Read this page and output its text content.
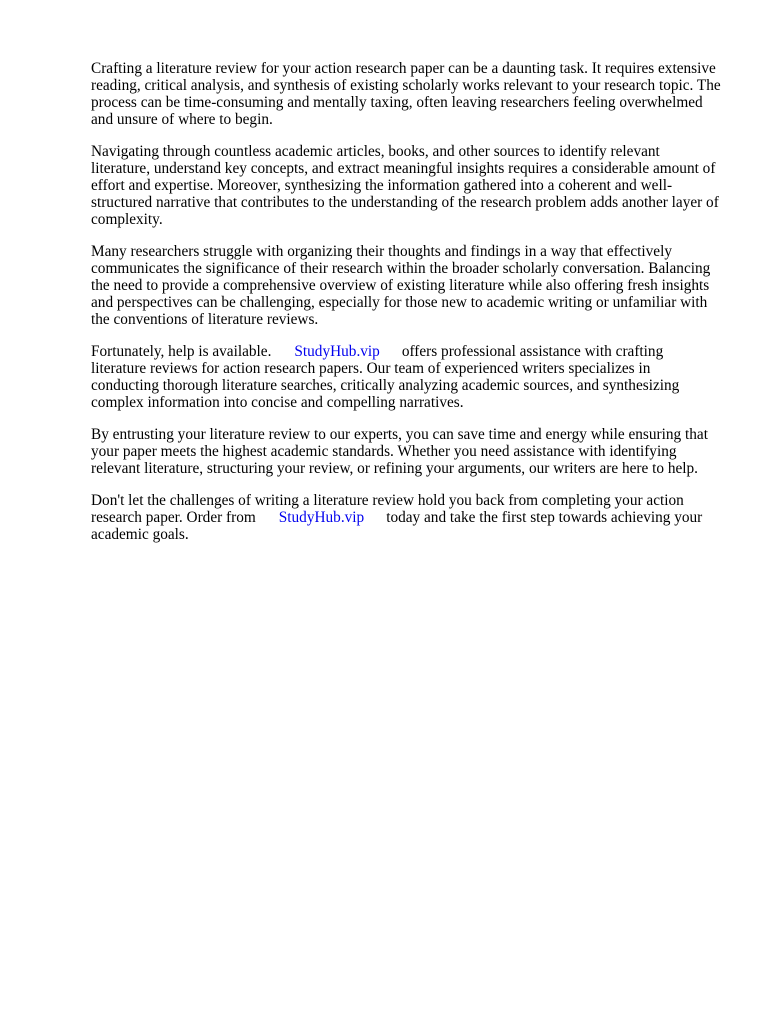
Crafting a literature review for your action research paper can be a daunting task. It requires extensive reading, critical analysis, and synthesis of existing scholarly works relevant to your research topic. The process can be time-consuming and mentally taxing, often leaving researchers feeling overwhelmed and unsure of where to begin.

Navigating through countless academic articles, books, and other sources to identify relevant literature, understand key concepts, and extract meaningful insights requires a considerable amount of effort and expertise. Moreover, synthesizing the information gathered into a coherent and well-structured narrative that contributes to the understanding of the research problem adds another layer of complexity.

Many researchers struggle with organizing their thoughts and findings in a way that effectively communicates the significance of their research within the broader scholarly conversation. Balancing the need to provide a comprehensive overview of existing literature while also offering fresh insights and perspectives can be challenging, especially for those new to academic writing or unfamiliar with the conventions of literature reviews.

Fortunately, help is available. StudyHub.vip offers professional assistance with crafting literature reviews for action research papers. Our team of experienced writers specializes in conducting thorough literature searches, critically analyzing academic sources, and synthesizing complex information into concise and compelling narratives.

By entrusting your literature review to our experts, you can save time and energy while ensuring that your paper meets the highest academic standards. Whether you need assistance with identifying relevant literature, structuring your review, or refining your arguments, our writers are here to help.

Don't let the challenges of writing a literature review hold you back from completing your action research paper. Order from StudyHub.vip today and take the first step towards achieving your academic goals.
